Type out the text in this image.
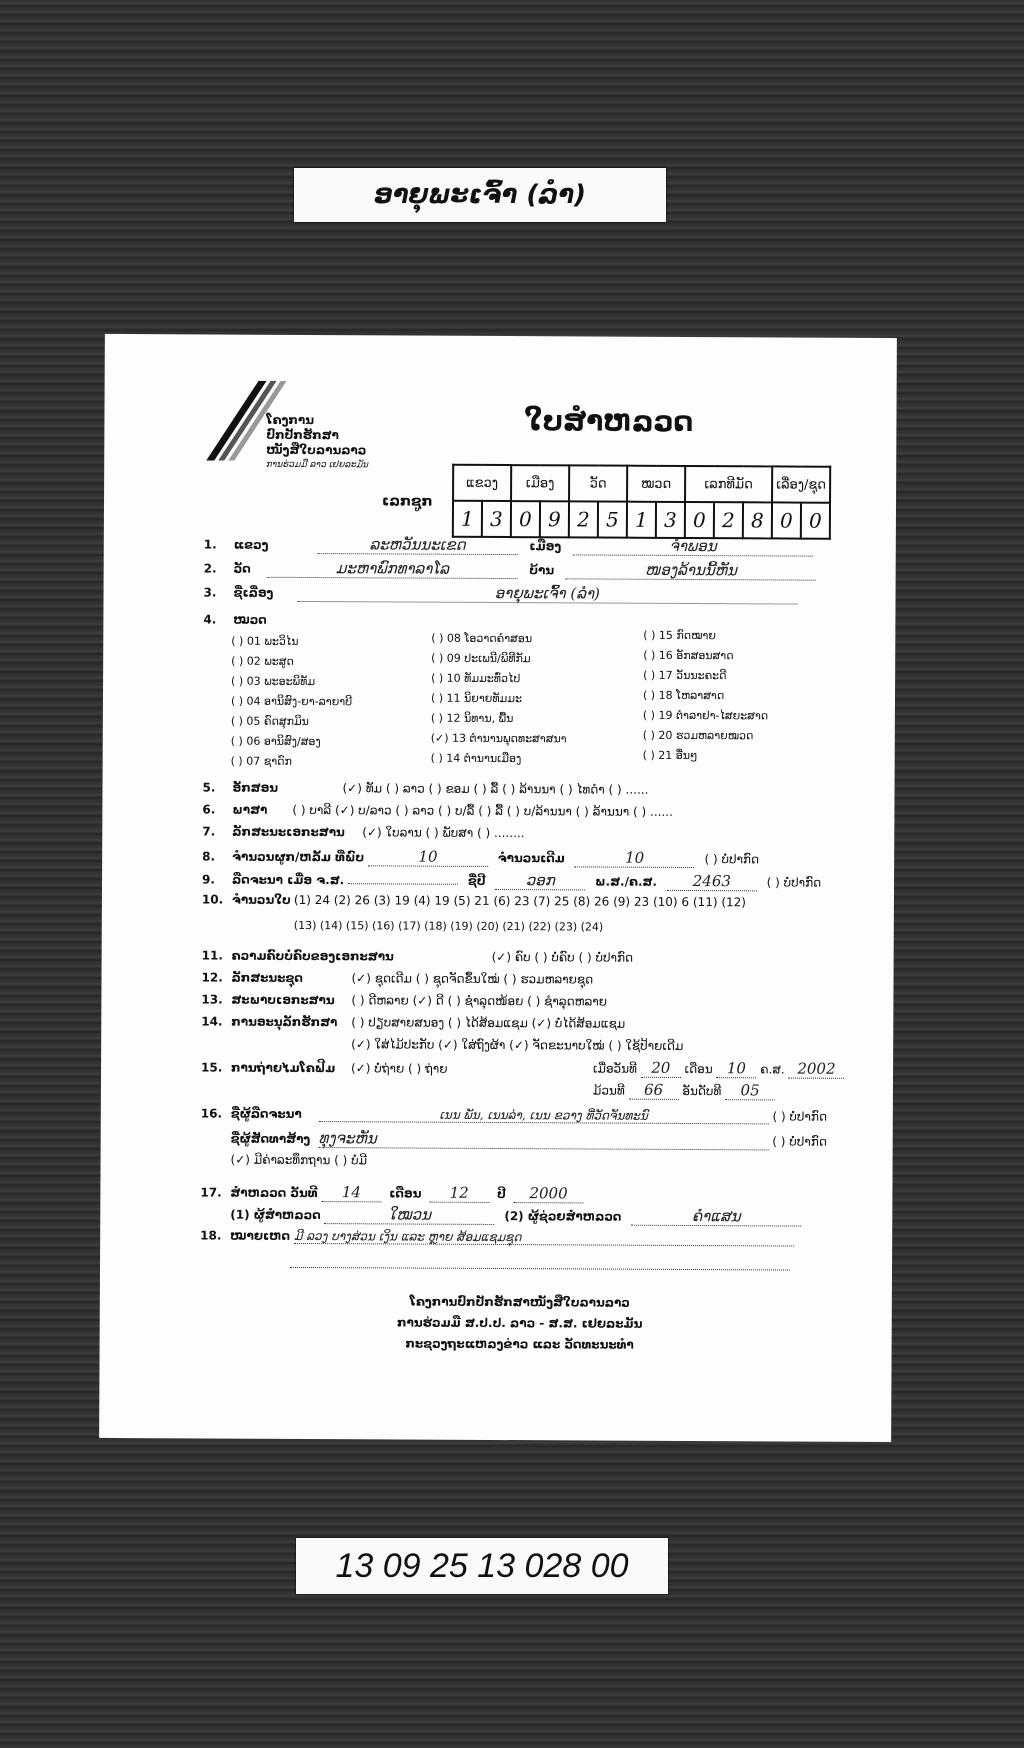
ອາຍຸພະເຈົ້າ (ລຳ)
ໂຄງການ
ປົກປັກຮັກສາ
ໜັງສືໃບລານລາວ
ການຮ່ວມມື ລາວ ເຢຍລະມັນ
ໃບສຳຫລວດ
ເລກຊູກ
ແຂວງ		ເມືອງ		ວັດ		ໝວດ		ເລກທີມັດ			ເລື່ອງ/ຊຸດ	
1	3	0	9	2	5	1	3	0	2	8	0	0
1. ແຂວງ	ລະຫວັນນະເຂດ	ເມືອງ	ຈຳພອນ
2. ວັດ	ມະຫາພົກທາລາໂລ	ບ້ານ	ໜອງລ້ານນີ້ຫັນ
3. ຊື່ເລື່ອງ	ອາຍຸພະເຈົ້າ (ລຳ)
4. ໝວດ
( ) 01 ພະວິໄນ
( ) 02 ພະສູດ
( ) 03 ພະອະພິທັມ
( ) 04 ອານິສົງ-ຍາ-ລາຍາບີ
( ) 05 ຄົດສຸກມິນ
( ) 06 ອານິສົງ/ສອງ
( ) 07 ຊາດົກ
( ) 08 ໂອວາດຄຳສອນ
( ) 09 ປະເພນີ/ພິທີກັມ
( ) 10 ທັມມະທົ່ວໄປ
( ) 11 ນິຍາຍທັມມະ
( ) 12 ນິທານ, ພື້ນ
(✓) 13 ຕຳນານພຸດທະສາສນາ
( ) 14 ຕຳນານເມືອງ
( ) 15 ກົດໝາຍ
( ) 16 ອັກສອນສາດ
( ) 17 ວັນນະຄະດີ
( ) 18 ໂຫລາສາດ
( ) 19 ຕຳລາຢາ-ໄສຍະສາດ
( ) 20 ຮວມຫລາຍໝວດ
( ) 21 ອື່ນໆ
5. ອັກສອນ	(✓) ທັມ ( ) ລາວ ( ) ຂອມ ( ) ລື້ ( ) ລ້ານນາ ( ) ໄທດຳ ( ) ......
6. ພາສາ ( ) ບາລີ (✓) ບ/ລາວ ( ) ລາວ ( ) ບ/ລື້ ( ) ລື້ ( ) ບ/ລ້ານນາ ( ) ລ້ານນາ ( ) ......
7. ລັກສະນະເອກະສານ (✓) ໃບລານ ( ) ພັບສາ ( ) ........
8. ຈຳນວນຜູກ/ຫລັ້ມ ທີ່ພົບ	10	ຈຳນວນເດີມ	10	( ) ບໍ່ປາກົດ
9. ລືດຈະນາ ເມື່ອ ຈ.ສ.	ຊື່ປີ	ວອກ	ພ.ສ./ຄ.ສ. 2463	( ) ບໍ່ປາກົດ
10. ຈຳນວນໃບ (1) 24 (2) 26 (3) 19 (4) 19 (5) 21 (6) 23 (7) 25 (8) 26 (9) 23 (10) 6 (11) (12)
(13) (14) (15) (16) (17) (18) (19) (20) (21) (22) (23) (24)
11. ຄວາມຄົບບໍ່ຄົບຂອງເອກະສານ	(✓) ຄົບ ( ) ບໍ່ຄົບ ( ) ບໍ່ປາກົດ
12. ລັກສະນະຊຸດ	(✓) ຊຸດເດີມ ( ) ຊຸດຈັດຂຶ້ນໃໝ່ ( ) ຮວມຫລາຍຊຸດ
13. ສະພາບເອກະສານ ( ) ດີຫລາຍ (✓) ດີ ( ) ຊຳລຸດໜ້ອຍ ( ) ຊຳລຸດຫລາຍ
14. ການອະນຸລັກຮັກສາ ( ) ປຽບສາຍສນອງ ( ) ໄດ້ສ້ອມແຊມ (✓) ບໍ່ໄດ້ສ້ອມແຊມ
(✓) ໃສ່ໄມ້ປະກັບ (✓) ໃສ່ຖົງຜ້າ (✓) ຈັດຂະນາບໃໝ່ ( ) ໃຊ້ປ້າຍເດີມ
15. ການຖ່າຍໄມໂຄຟີມ (✓) ບໍ່ຖ່າຍ ( ) ຖ່າຍ	ເມື່ອວັນທີ 20 ເດືອນ 10 ຄ.ສ. 2002
ມ້ວນທີ 66 ອັນດັບທີ 05
16. ຊື່ຜູ້ລືດຈະນາ	ເນນ ພັນ, ເນນລ່າ, ເນນ ຂວາງ ທີ່ວັດຈັນທະນົ	( ) ບໍ່ປາກົດ
ຊື່ຜູ້ສັດທາສ້າງ ທຸງຈະຫັນ	( ) ບໍ່ປາກົດ
(✓) ມີຄ່າລະທຶກຖານ ( ) ບໍ່ມີ
17. ສຳຫລວດ ວັນທີ 14 ເດືອນ 12 ປີ 2000
(1) ຜູ້ສຳຫລວດ	ໃໝວນ	(2) ຜູ້ຊ່ວຍສຳຫລວດ	ຄຳແສນ
18. ໝາຍເຫດ ມີ ລວງ ບາງສ່ວນ ເງິນ ແລະ ຫຼາຍ ສ້ອມແຊມຊຸດ
ໂຄງການປົກປັກຮັກສາໜັງສືໃບລານລາວ
ການຮ່ວມມື ສ.ປ.ປ. ລາວ - ສ.ສ. ເຢຍລະມັນ
ກະຊວງຖະແຫລງຂ່າວ ແລະ ວັດທະນະທຳ
13 09 25 13 028 00
